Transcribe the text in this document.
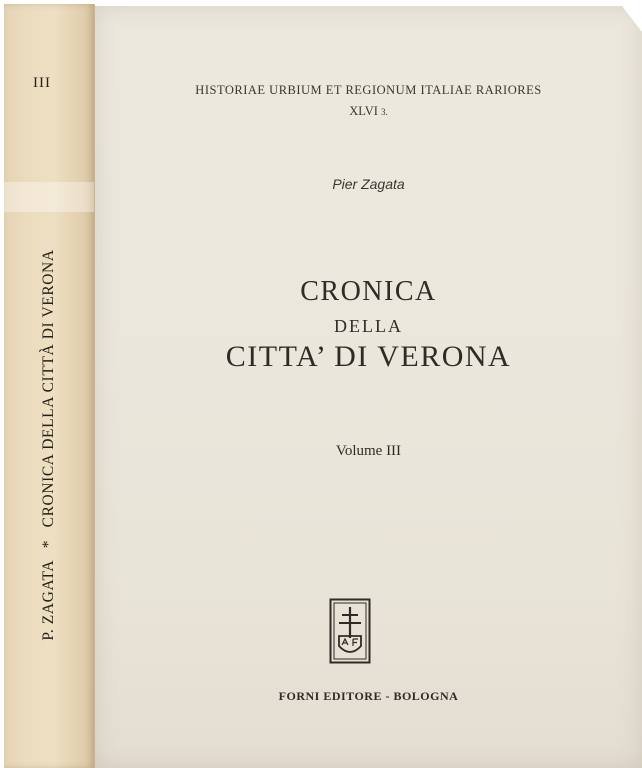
III
P. ZAGATA * CRONICA DELLA CITTÀ DI VERONA
HISTORIAE URBIUM ET REGIONUM ITALIAE RARIORES
XLVI 3.
Pier Zagata
CRONICA
DELLA
CITTA’ DI VERONA
Volume III
FORNI EDITORE - BOLOGNA
